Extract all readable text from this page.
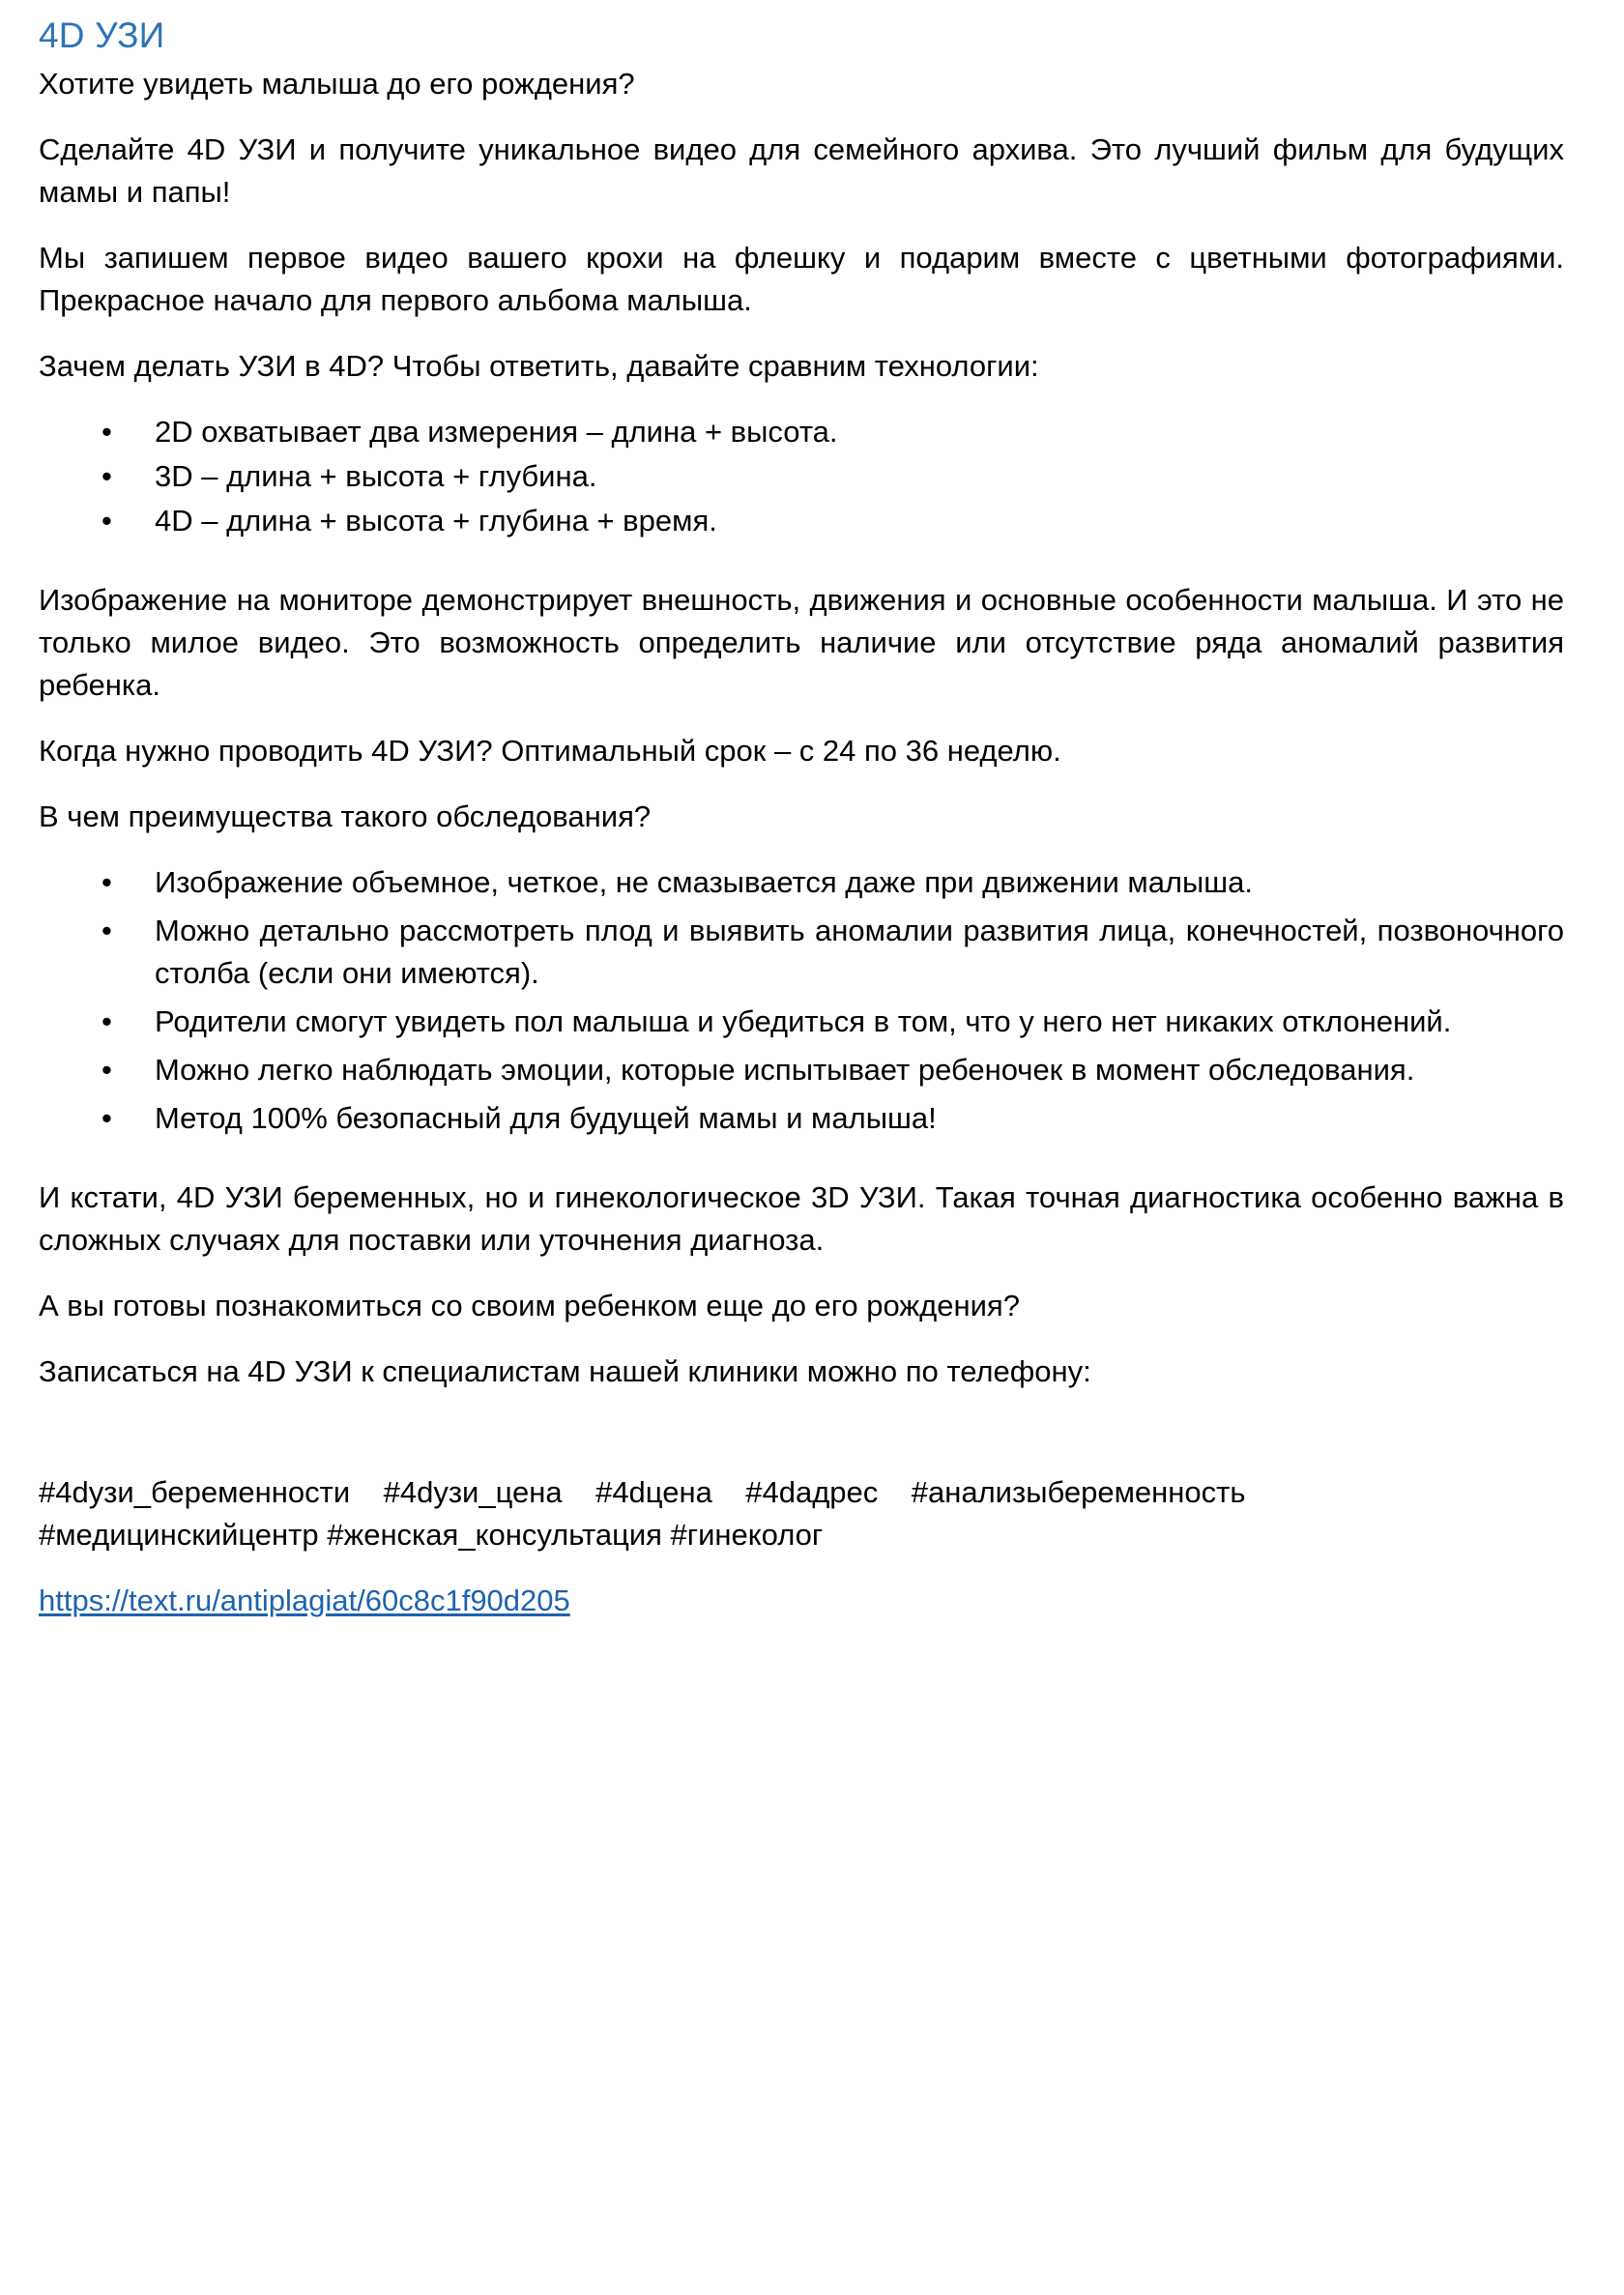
4D УЗИ

Хотите увидеть малыша до его рождения?

Сделайте 4D УЗИ и получите уникальное видео для семейного архива. Это лучший фильм для будущих мамы и папы!

Мы запишем первое видео вашего крохи на флешку и подарим вместе с цветными фотографиями. Прекрасное начало для первого альбома малыша.

Зачем делать УЗИ в 4D? Чтобы ответить, давайте сравним технологии:

• 2D охватывает два измерения – длина + высота.
• 3D – длина + высота + глубина.
• 4D – длина + высота + глубина + время.

Изображение на мониторе демонстрирует внешность, движения и основные особенности малыша. И это не только милое видео. Это возможность определить наличие или отсутствие ряда аномалий развития ребенка.

Когда нужно проводить 4D УЗИ? Оптимальный срок – с 24 по 36 неделю.

В чем преимущества такого обследования?

• Изображение объемное, четкое, не смазывается даже при движении малыша.
• Можно детально рассмотреть плод и выявить аномалии развития лица, конечностей, позвоночного столба (если они имеются).
• Родители смогут увидеть пол малыша и убедиться в том, что у него нет никаких отклонений.
• Можно легко наблюдать эмоции, которые испытывает ребеночек в момент обследования.
• Метод 100% безопасный для будущей мамы и малыша!

И кстати, 4D УЗИ беременных, но и гинекологическое 3D УЗИ. Такая точная диагностика особенно важна в сложных случаях для поставки или уточнения диагноза.

А вы готовы познакомиться со своим ребенком еще до его рождения?

Записаться на 4D УЗИ к специалистам нашей клиники можно по телефону:

#4dузи_беременности    #4dузи_цена    #4dцена    #4dадрес    #анализыбеременность

#медицинскийцентр #женская_консультация #гинеколог

https://text.ru/antiplagiat/60c8c1f90d205
